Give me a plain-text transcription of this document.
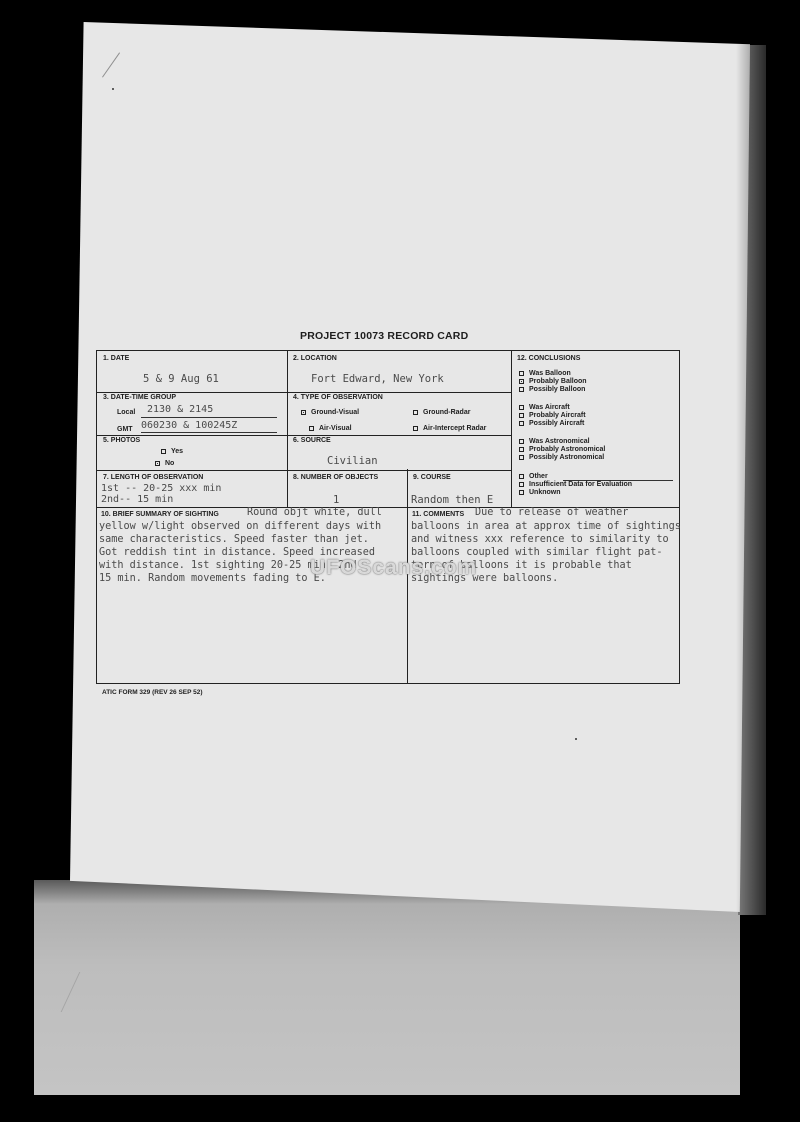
PROJECT 10073 RECORD CARD
1. DATE
5 & 9 Aug 61
2. LOCATION
Fort Edward, New York
3. DATE-TIME GROUP
Local 2130 & 2145
GMT 060230 & 100245Z
4. TYPE OF OBSERVATION
Ground-Visual	Ground-Radar
Air-Visual	Air-Intercept Radar
5. PHOTOS
Yes
No
6. SOURCE
Civilian
7. LENGTH OF OBSERVATION
1st -- 20-25 xxx min
2nd-- 15 min
8. NUMBER OF OBJECTS
1
9. COURSE
Random then E
12. CONCLUSIONS
Was Balloon
Probably Balloon
Possibly Balloon
Was Aircraft
Probably Aircraft
Possibly Aircraft
Was Astronomical
Probably Astronomical
Possibly Astronomical
Other
Insufficient Data for Evaluation
Unknown
10. BRIEF SUMMARY OF SIGHTING	Round objt white, dull
yellow w/light observed on different days with
same characteristics. Speed faster than jet.
Got reddish tint in distance. Speed increased
with distance. 1st sighting 20-25 min. 2nd
15 min. Random movements fading to E.
11. COMMENTS Due to release of weather
balloons in area at approx time of sightings
and witness xxx reference to similarity to
balloons coupled with similar flight pat-
tern of balloons it is probable that
sightings were balloons.
UFOScans.com
ATIC FORM 329 (REV 26 SEP 52)
